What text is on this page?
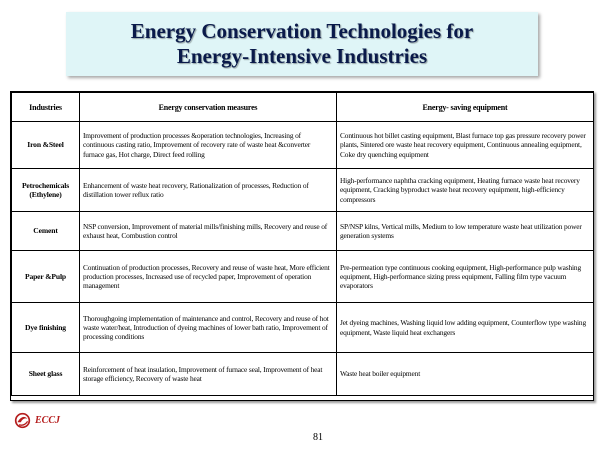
Energy Conservation Technologies for
Energy-Intensive Industries
Industries	Energy conservation measures	Energy- saving equipment
Iron &Steel	Improvement of production processes &operation technologies, Increasing of continuous casting ratio, Improvement of recovery rate of waste heat &converter furnace gas, Hot charge, Direct feed rolling	Continuous hot billet casting equipment, Blast furnace top gas pressure recovery power plants, Sintered ore waste heat recovery equipment, Continuous annealing equipment, Coke dry quenching equipment
Petrochemicals (Ethylene)	Enhancement of waste heat recovery, Rationalization of processes, Reduction of distillation tower reflux ratio	High-performance naphtha cracking equipment, Heating furnace waste heat recovery equipment, Cracking byproduct waste heat recovery equipment, high-efficiency compressors
Cement	NSP conversion, Improvement of material mills/finishing mills, Recovery and reuse of exhaust heat, Combustion control	SP/NSP kilns, Vertical mills, Medium to low temperature waste heat utilization power generation systems
Paper &Pulp	Continuation of production processes, Recovery and reuse of waste heat, More efficient production processes, Increased use of recycled paper, Improvement of operation management	Pre-permeation type continuous cooking equipment, High-performance pulp washing equipment, High-performance sizing press equipment, Falling film type vacuum evaporators
Dye finishing	Thoroughgoing implementation of maintenance and control, Recovery and reuse of hot waste water/heat, Introduction of dyeing machines of lower bath ratio, Improvement of processing conditions	Jet dyeing machines, Washing liquid low adding equipment, Counterflow type washing equipment, Waste liquid heat exchangers
Sheet glass	Reinforcement of heat insulation, Improvement of furnace seal, Improvement of heat storage efficiency, Recovery of waste heat	Waste heat boiler equipment
ECCJ
81
